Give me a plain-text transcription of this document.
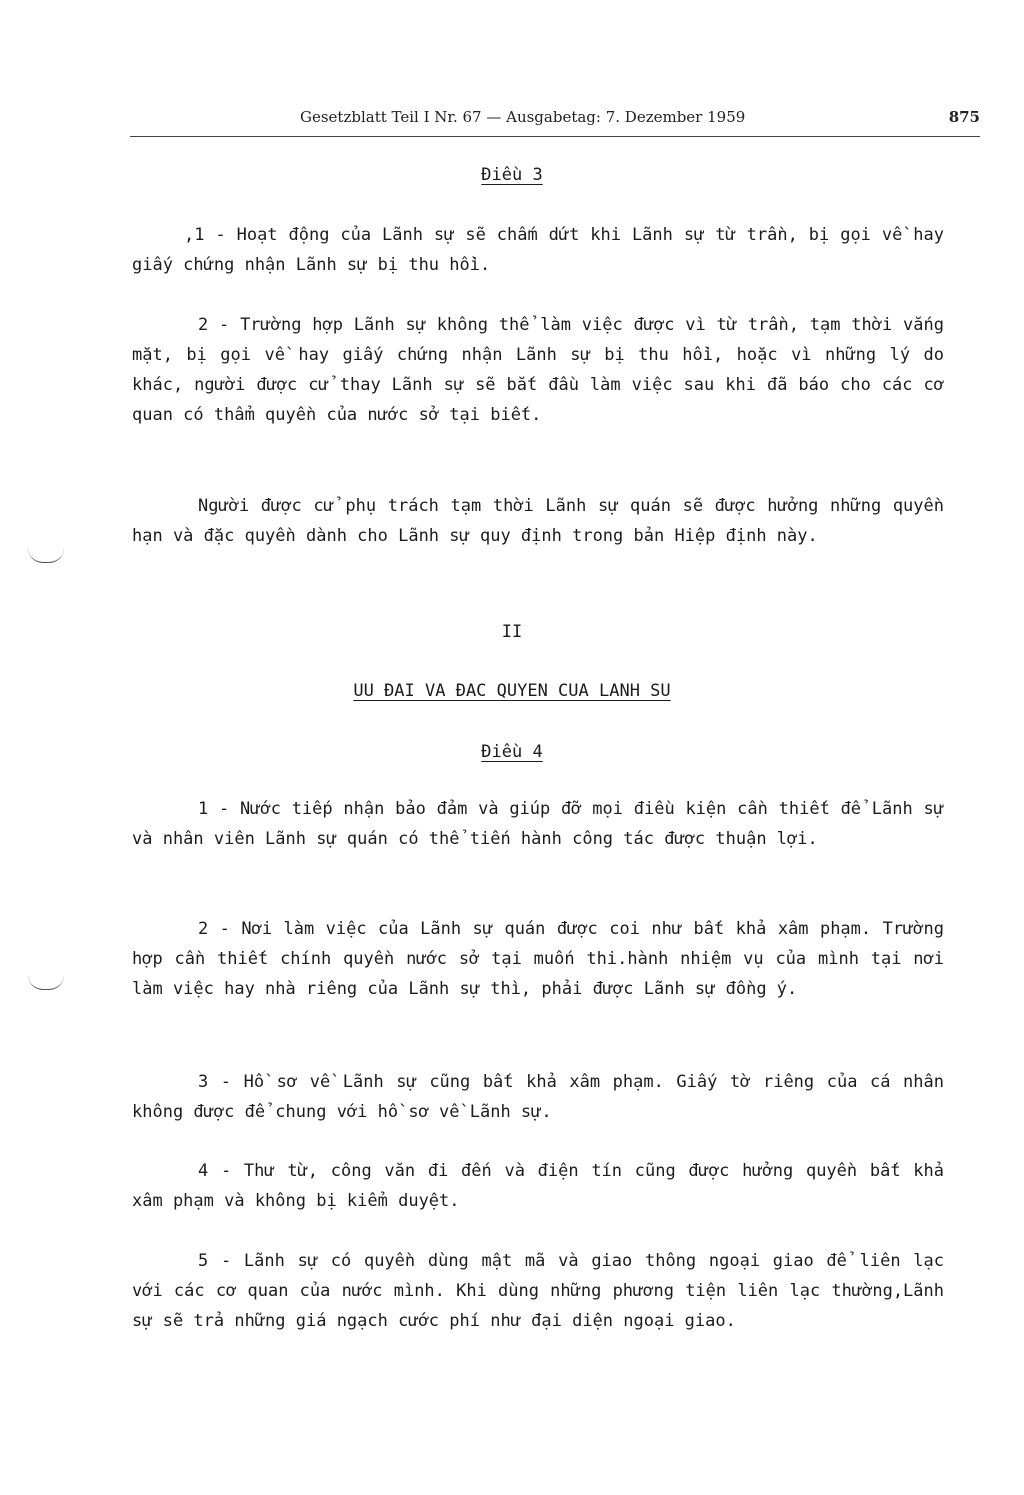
Gesetzblatt Teil I Nr. 67 — Ausgabetag: 7. Dezember 1959	875
Điều 3
,1 - Hoạt động của Lãnh sự sẽ chấm dứt khi Lãnh sự từ trần, bị gọi về hay giấy chứng nhận Lãnh sự bị thu hồi.
2 - Trường hợp Lãnh sự không thể làm việc được vì từ trần, tạm thời vắng mặt, bị gọi về hay giấy chứng nhận Lãnh sự bị thu hồi, hoặc vì những lý do khác, người được cử thay Lãnh sự sẽ bắt đầu làm việc sau khi đã báo cho các cơ quan có thẩm quyền của nước sở tại biết.
Người được cử phụ trách tạm thời Lãnh sự quán sẽ được hưởng những quyền hạn và đặc quyền dành cho Lãnh sự quy định trong bản Hiệp định này.
II
UU ĐAI VA ĐAC QUYEN CUA LANH SU
Điều 4
1 - Nước tiếp nhận bảo đảm và giúp đỡ mọi điều kiện cần thiết để Lãnh sự và nhân viên Lãnh sự quán có thể tiến hành công tác được thuận lợi.
2 - Nơi làm việc của Lãnh sự quán được coi như bất khả xâm phạm. Trường hợp cần thiết chính quyền nước sở tại muốn thi.hành nhiệm vụ của mình tại nơi làm việc hay nhà riêng của Lãnh sự thì, phải được Lãnh sự đồng ý.
3 - Hồ sơ về Lãnh sự cũng bất khả xâm phạm. Giấy tờ riêng của cá nhân không được để chung với hồ sơ về Lãnh sự.
4 - Thư từ, công văn đi đến và điện tín cũng được hưởng quyền bất khả xâm phạm và không bị kiểm duyệt.
5 - Lãnh sự có quyền dùng mật mã và giao thông ngoại giao để liên lạc với các cơ quan của nước mình. Khi dùng những phương tiện liên lạc thường,Lãnh sự sẽ trả những giá ngạch cước phí như đại diện ngoại giao.
